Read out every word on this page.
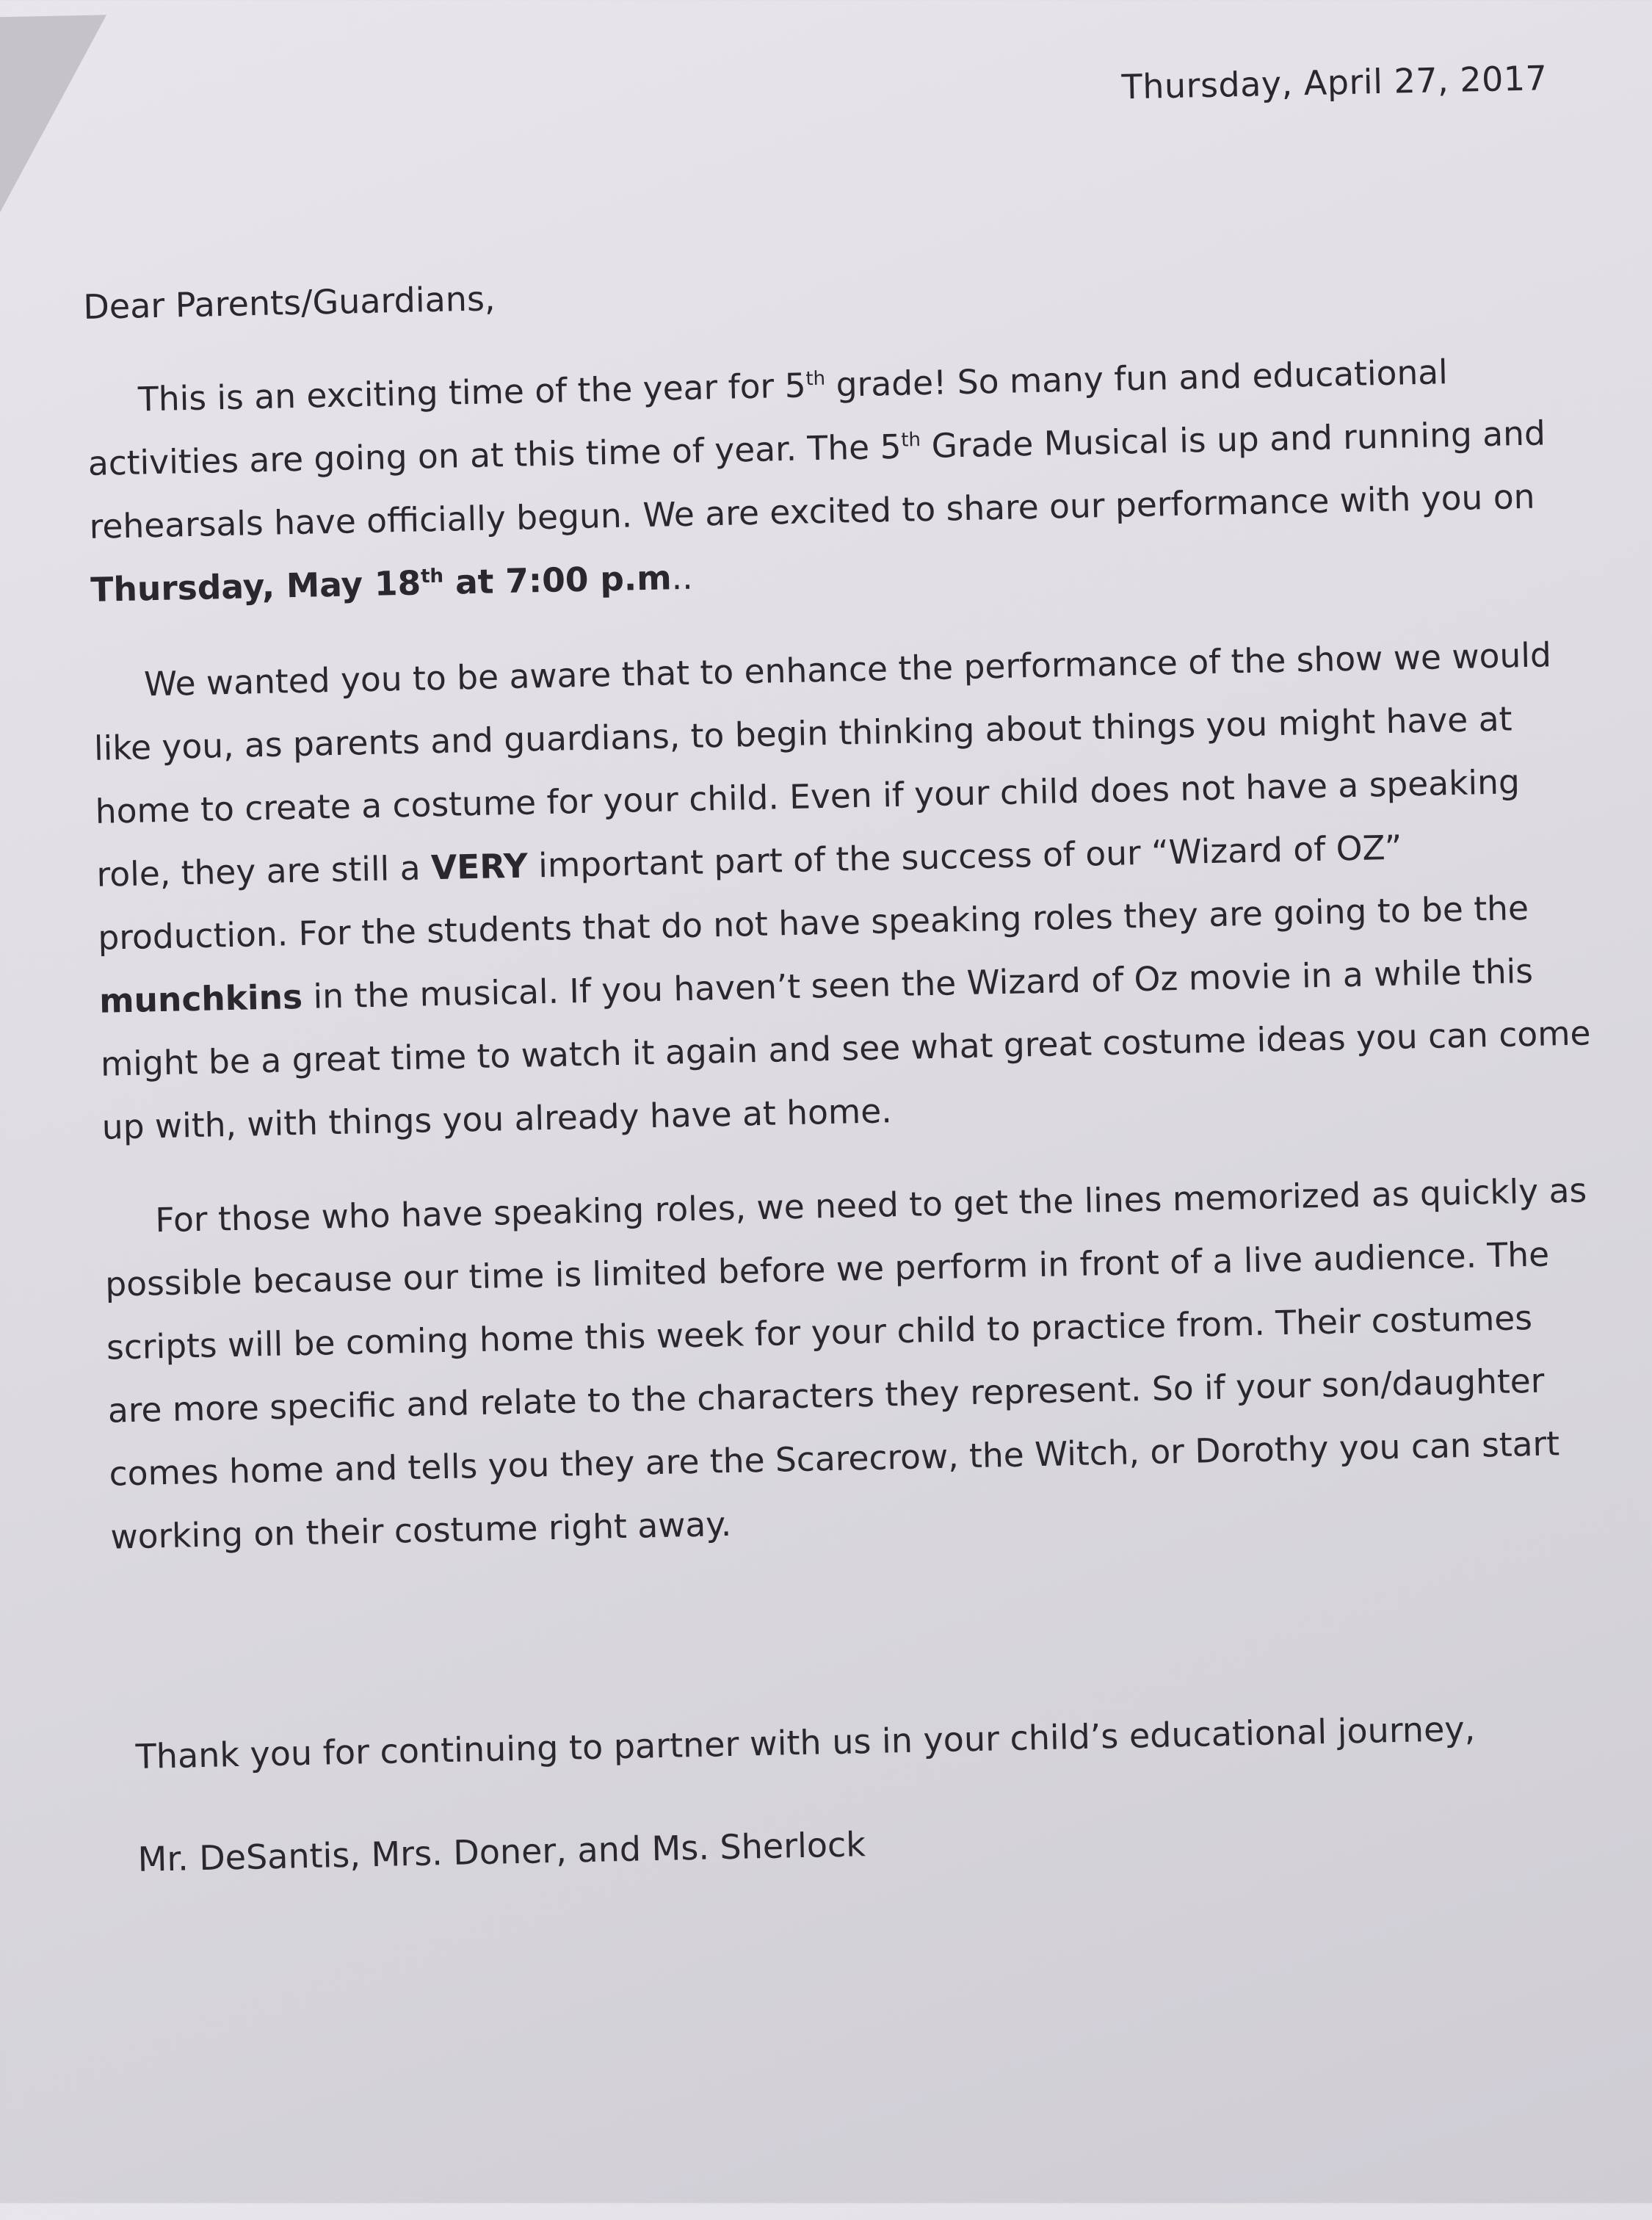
Thursday, April 27, 2017
Dear Parents/Guardians,

This is an exciting time of the year for 5th grade! So many fun and educational activities are going on at this time of year. The 5th Grade Musical is up and running and rehearsals have officially begun. We are excited to share our performance with you on Thursday, May 18th at 7:00 p.m..

We wanted you to be aware that to enhance the performance of the show we would like you, as parents and guardians, to begin thinking about things you might have at home to create a costume for your child. Even if your child does not have a speaking role, they are still a VERY important part of the success of our “Wizard of OZ” production. For the students that do not have speaking roles they are going to be the munchkins in the musical. If you haven’t seen the Wizard of Oz movie in a while this might be a great time to watch it again and see what great costume ideas you can come up with, with things you already have at home.

For those who have speaking roles, we need to get the lines memorized as quickly as possible because our time is limited before we perform in front of a live audience. The scripts will be coming home this week for your child to practice from. Their costumes are more specific and relate to the characters they represent. So if your son/daughter comes home and tells you they are the Scarecrow, the Witch, or Dorothy you can start working on their costume right away.

Thank you for continuing to partner with us in your child’s educational journey,
Mr. DeSantis, Mrs. Doner, and Ms. Sherlock
